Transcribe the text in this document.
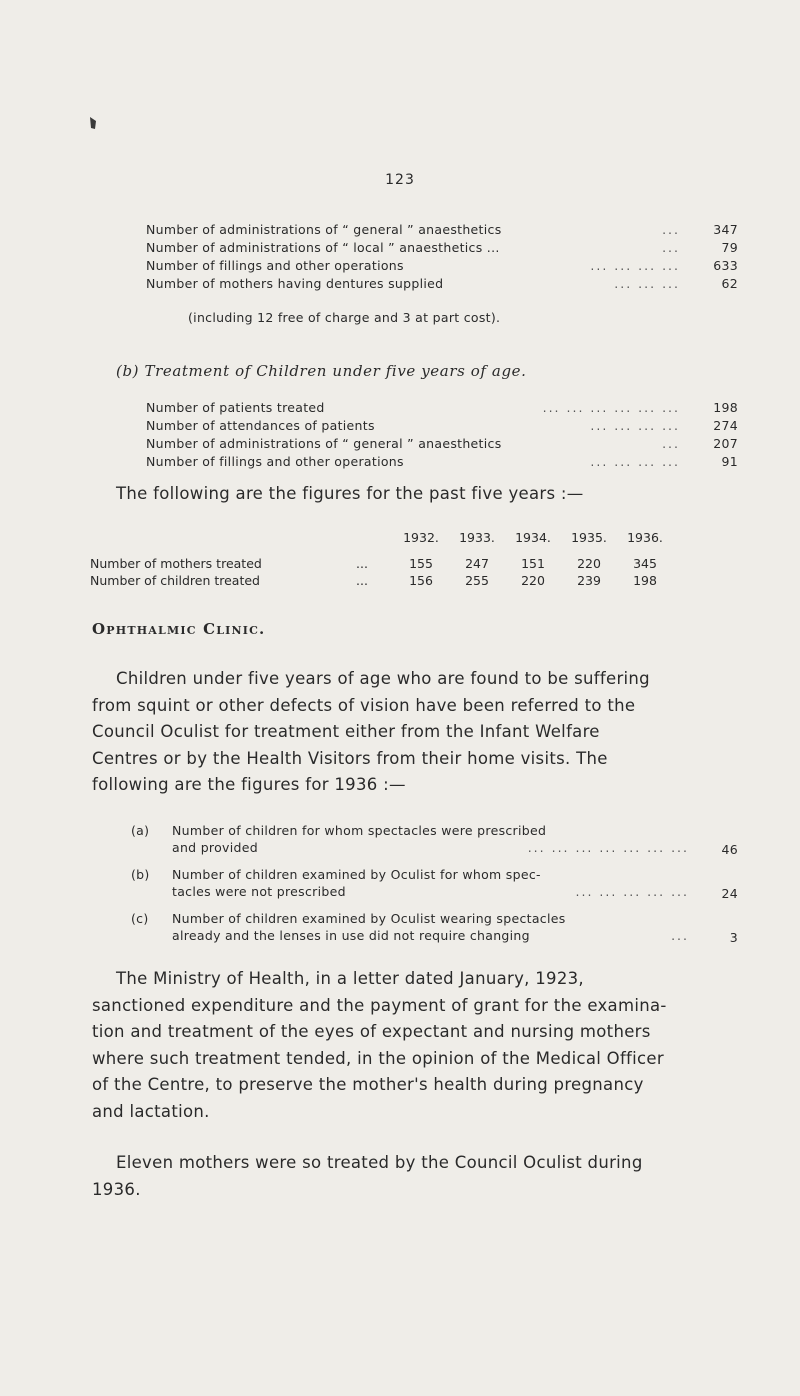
123
Number of administrations of “ general ” anaesthetics	...	347
Number of administrations of “ local ” anaesthetics ...	...	79
Number of fillings and other operations	... ... ... ...	633
Number of mothers having dentures supplied	... ... ...	62
(including 12 free of charge and 3 at part cost).
(b) Treatment of Children under five years of age.
Number of patients treated	... ... ... ... ... ...	198
Number of attendances of patients	... ... ... ...	274
Number of administrations of “ general ” anaesthetics	...	207
Number of fillings and other operations	... ... ... ...	91
The following are the figures for the past five years :—
1932.	1933.	1934.	1935.	1936.
Number of mothers treated	...	155	247	151	220	345
Number of children treated	...	156	255	220	239	198
Ophthalmic Clinic.
Children under five years of age who are found to be suffering
from squint or other defects of vision have been referred to the
Council Oculist for treatment either from the Infant Welfare
Centres or by the Health Visitors from their home visits. The
following are the figures for 1936 :—
(a)	Number of children for whom spectacles were prescribed
and provided	... ... ... ... ... ... ...	46
(b)	Number of children examined by Oculist for whom spec-
tacles were not prescribed	... ... ... ... ...	24
(c)	Number of children examined by Oculist wearing spectacles
already and the lenses in use did not require changing	...	3
The Ministry of Health, in a letter dated January, 1923,
sanctioned expenditure and the payment of grant for the examina-
tion and treatment of the eyes of expectant and nursing mothers
where such treatment tended, in the opinion of the Medical Officer
of the Centre, to preserve the mother's health during pregnancy
and lactation.
Eleven mothers were so treated by the Council Oculist during
1936.
